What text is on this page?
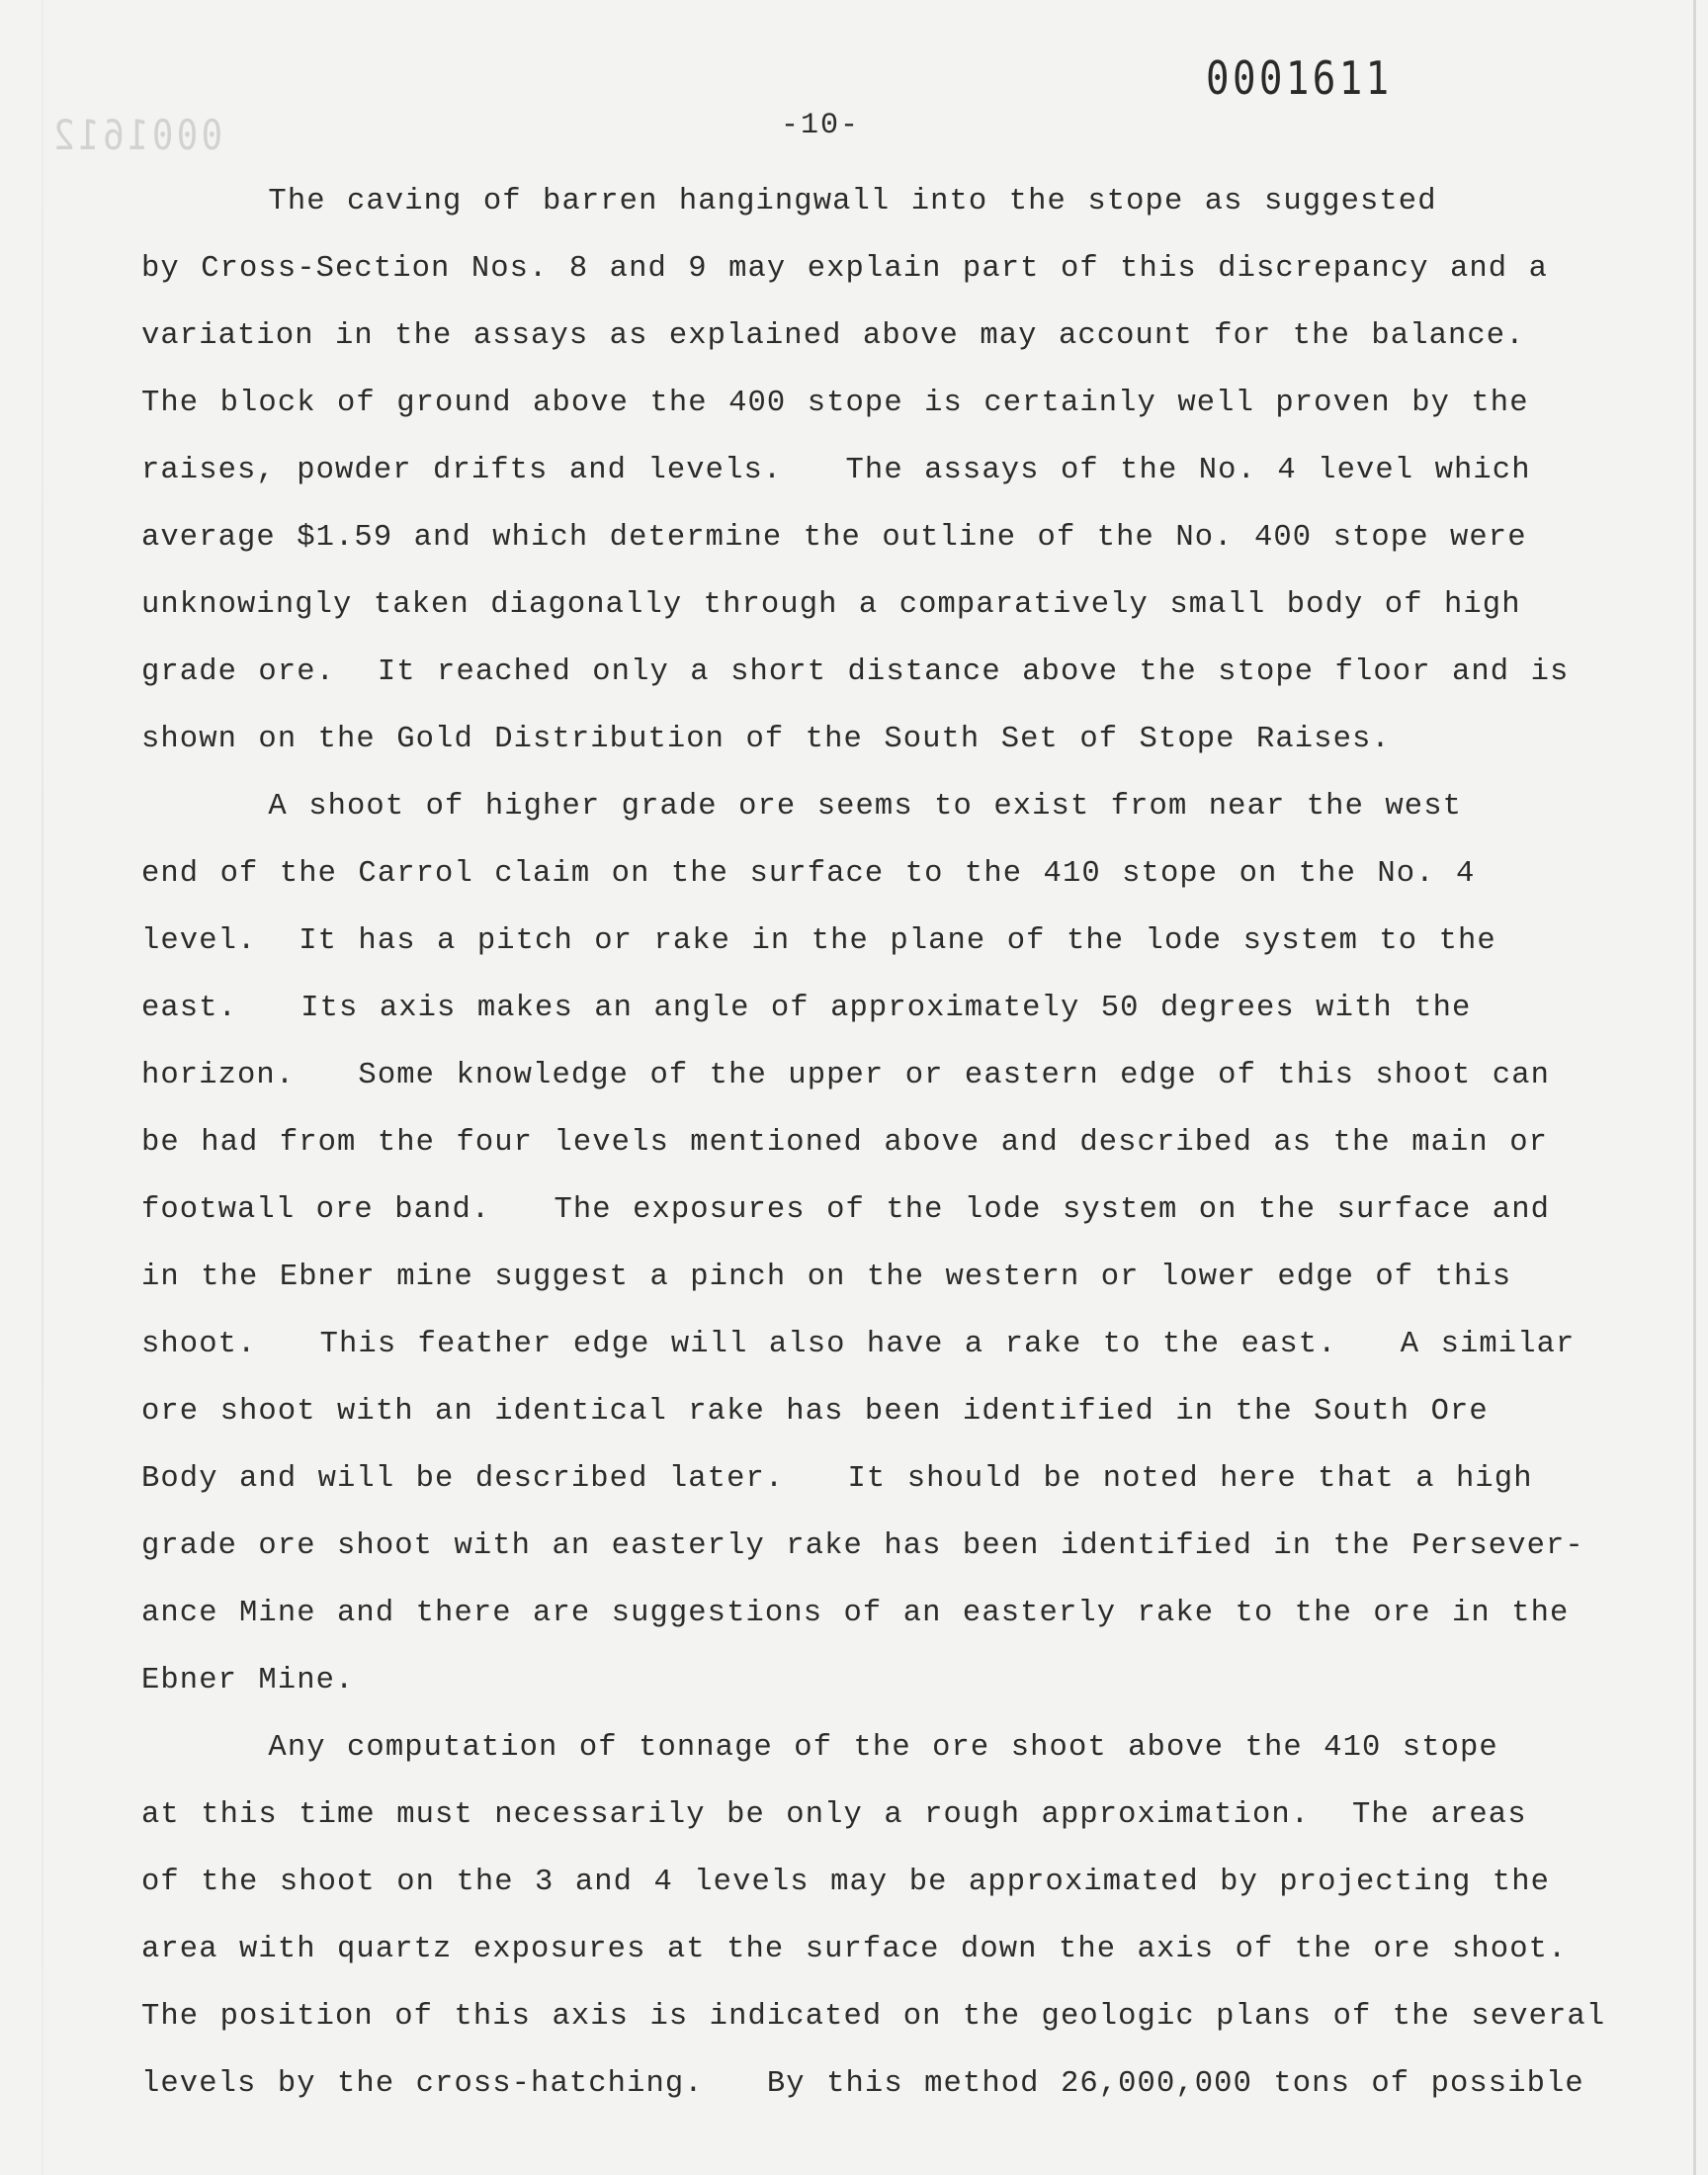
0001612
0001611
-10-
The caving of barren hangingwall into the stope as suggested
by Cross-Section Nos. 8 and 9 may explain part of this discrepancy and a
variation in the assays as explained above may account for the balance.
The block of ground above the 400 stope is certainly well proven by the
raises, powder drifts and levels.   The assays of the No. 4 level which
average $1.59 and which determine the outline of the No. 400 stope were
unknowingly taken diagonally through a comparatively small body of high
grade ore.  It reached only a short distance above the stope floor and is
shown on the Gold Distribution of the South Set of Stope Raises.
A shoot of higher grade ore seems to exist from near the west
end of the Carrol claim on the surface to the 410 stope on the No. 4
level.  It has a pitch or rake in the plane of the lode system to the
east.   Its axis makes an angle of approximately 50 degrees with the
horizon.   Some knowledge of the upper or eastern edge of this shoot can
be had from the four levels mentioned above and described as the main or
footwall ore band.   The exposures of the lode system on the surface and
in the Ebner mine suggest a pinch on the western or lower edge of this
shoot.   This feather edge will also have a rake to the east.   A similar
ore shoot with an identical rake has been identified in the South Ore
Body and will be described later.   It should be noted here that a high
grade ore shoot with an easterly rake has been identified in the Persever-
ance Mine and there are suggestions of an easterly rake to the ore in the
Ebner Mine.
Any computation of tonnage of the ore shoot above the 410 stope
at this time must necessarily be only a rough approximation.  The areas
of the shoot on the 3 and 4 levels may be approximated by projecting the
area with quartz exposures at the surface down the axis of the ore shoot.
The position of this axis is indicated on the geologic plans of the several
levels by the cross-hatching.   By this method 26,000,000 tons of possible
